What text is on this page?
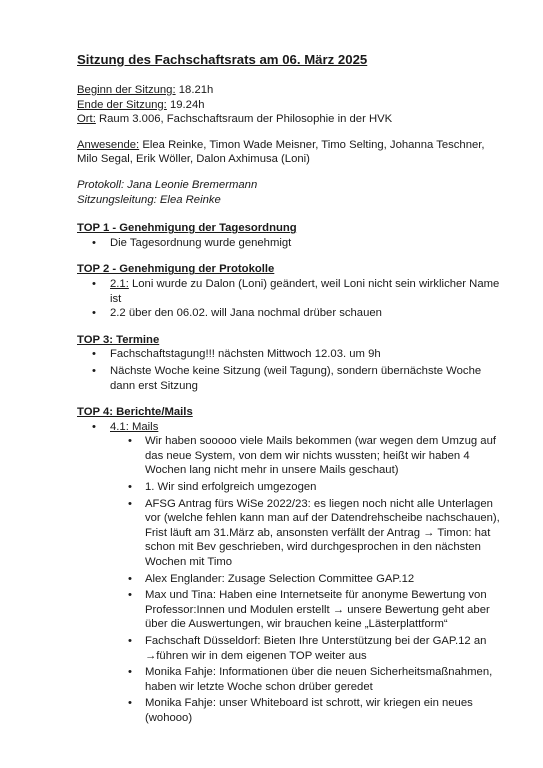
Sitzung des Fachschaftsrats am 06. März 2025

Beginn der Sitzung: 18.21h

Ende der Sitzung: 19.24h

Ort: Raum 3.006, Fachschaftsraum der Philosophie in der HVK

Anwesende: Elea Reinke, Timon Wade Meisner, Timo Selting, Johanna Teschner, Milo Segal, Erik Wöller, Dalon Axhimusa (Loni)

Protokoll: Jana Leonie Bremermann

Sitzungsleitung: Elea Reinke

TOP 1 - Genehmigung der Tagesordnung

• Die Tagesordnung wurde genehmigt

TOP 2 - Genehmigung der Protokolle

• 2.1: Loni wurde zu Dalon (Loni) geändert, weil Loni nicht sein wirklicher Name ist
• 2.2 über den 06.02. will Jana nochmal drüber schauen

TOP 3: Termine

• Fachschaftstagung!!! nächsten Mittwoch 12.03. um 9h
• Nächste Woche keine Sitzung (weil Tagung), sondern übernächste Woche dann erst Sitzung

TOP 4: Berichte/Mails

• 4.1: Mails
• Wir haben sooooo viele Mails bekommen (war wegen dem Umzug auf das neue System, von dem wir nichts wussten; heißt wir haben 4 Wochen lang nicht mehr in unsere Mails geschaut)
• 1. Wir sind erfolgreich umgezogen
• AFSG Antrag fürs WiSe 2022/23: es liegen noch nicht alle Unterlagen vor (welche fehlen kann man auf der Datendrehscheibe nachschauen), Frist läuft am 31.März ab, ansonsten verfällt der Antrag → Timon: hat schon mit Bev geschrieben, wird durchgesprochen in den nächsten Wochen mit Timo
• Alex Englander: Zusage Selection Committee GAP.12
• Max und Tina: Haben eine Internetseite für anonyme Bewertung von Professor:Innen und Modulen erstellt → unsere Bewertung geht aber über die Auswertungen, wir brauchen keine „Lästerplattform“
• Fachschaft Düsseldorf: Bieten Ihre Unterstützung bei der GAP.12 an →führen wir in dem eigenen TOP weiter aus
• Monika Fahje: Informationen über die neuen Sicherheitsmaßnahmen, haben wir letzte Woche schon drüber geredet
• Monika Fahje: unser Whiteboard ist schrott, wir kriegen ein neues (wohooo)
